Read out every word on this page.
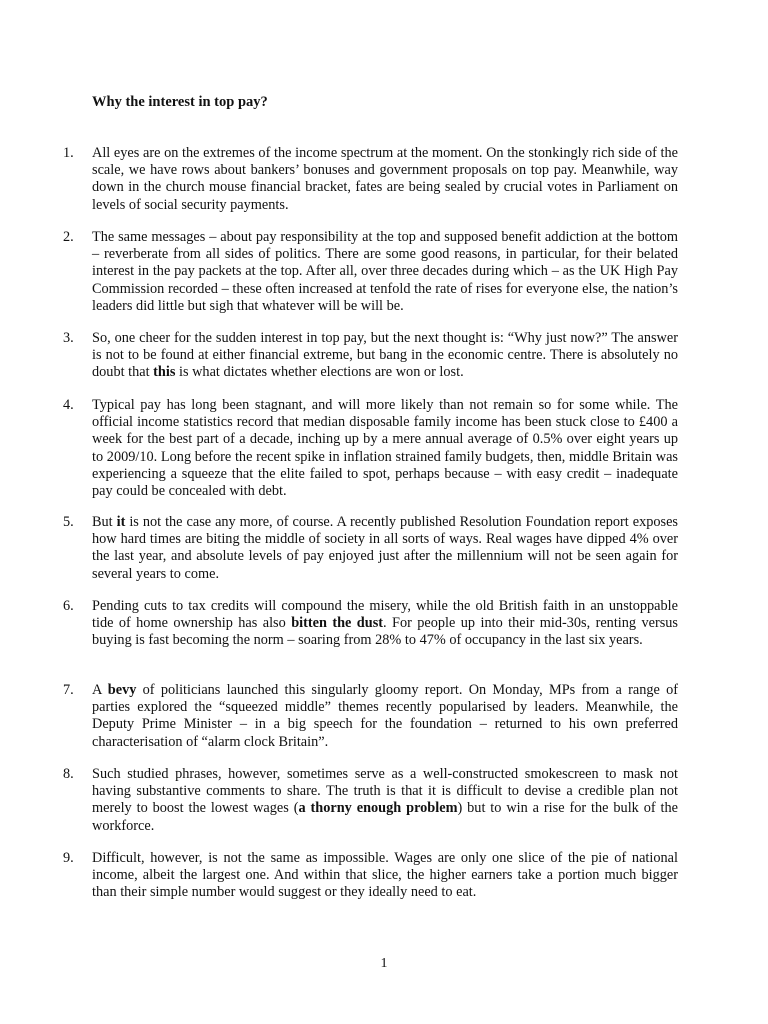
Why the interest in top pay?
1.	All eyes are on the extremes of the income spectrum at the moment. On the stonkingly rich side of the scale, we have rows about bankers’ bonuses and government proposals on top pay. Meanwhile, way down in the church mouse financial bracket, fates are being sealed by crucial votes in Parliament on levels of social security payments.
2.	The same messages – about pay responsibility at the top and supposed benefit addiction at the bottom – reverberate from all sides of politics. There are some good reasons, in particular, for their belated interest in the pay packets at the top. After all, over three decades during which – as the UK High Pay Commission recorded – these often increased at tenfold the rate of rises for everyone else, the nation’s leaders did little but sigh that whatever will be will be.
3.	So, one cheer for the sudden interest in top pay, but the next thought is: “Why just now?” The answer is not to be found at either financial extreme, but bang in the economic centre. There is absolutely no doubt that this is what dictates whether elections are won or lost.
4.	Typical pay has long been stagnant, and will more likely than not remain so for some while. The official income statistics record that median disposable family income has been stuck close to £400 a week for the best part of a decade, inching up by a mere annual average of 0.5% over eight years up to 2009/10. Long before the recent spike in inflation strained family budgets, then, middle Britain was experiencing a squeeze that the elite failed to spot, perhaps because – with easy credit – inadequate pay could be concealed with debt.
5.	But it is not the case any more, of course. A recently published Resolution Foundation report exposes how hard times are biting the middle of society in all sorts of ways. Real wages have dipped 4% over the last year, and absolute levels of pay enjoyed just after the millennium will not be seen again for several years to come.
6.	Pending cuts to tax credits will compound the misery, while the old British faith in an unstoppable tide of home ownership has also bitten the dust. For people up into their mid-30s, renting versus buying is fast becoming the norm – soaring from 28% to 47% of occupancy in the last six years.
7.	A bevy of politicians launched this singularly gloomy report. On Monday, MPs from a range of parties explored the “squeezed middle” themes recently popularised by leaders. Meanwhile, the Deputy Prime Minister – in a big speech for the foundation – returned to his own preferred characterisation of “alarm clock Britain”.
8.	Such studied phrases, however, sometimes serve as a well-constructed smokescreen to mask not having substantive comments to share. The truth is that it is difficult to devise a credible plan not merely to boost the lowest wages (a thorny enough problem) but to win a rise for the bulk of the workforce.
9.	Difficult, however, is not the same as impossible. Wages are only one slice of the pie of national income, albeit the largest one. And within that slice, the higher earners take a portion much bigger than their simple number would suggest or they ideally need to eat.
1
